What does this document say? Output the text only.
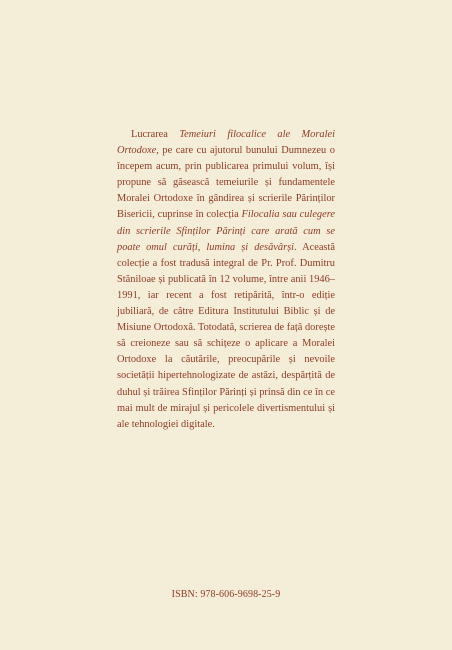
Lucrarea Temeiuri filocalice ale Moralei Ortodoxe, pe care cu ajutorul bunului Dumnezeu o începem acum, prin publicarea primului volum, își propune să găsească temeiurile și fundamentele Moralei Ortodoxe în gândirea și scrierile Părinților Bisericii, cuprinse în colecția Filocalia sau culegere din scrierile Sfinților Părinți care arată cum se poate omul curăți, lumina și desăvârși. Această colecție a fost tradusă integral de Pr. Prof. Dumitru Stăniloae și publicată în 12 volume, între anii 1946–1991, iar recent a fost retipărită, într-o ediție jubiliară, de către Editura Institutului Biblic și de Misiune Ortodoxă. Totodată, scrierea de față dorește să creioneze sau să schițeze o aplicare a Moralei Ortodoxe la căutările, preocupările și nevoile societății hipertehnologizate de astăzi, despărțită de duhul și trăirea Sfinților Părinți și prinsă din ce în ce mai mult de mirajul și pericolele divertismentului și ale tehnologiei digitale.

ISBN: 978-606-9698-25-9
